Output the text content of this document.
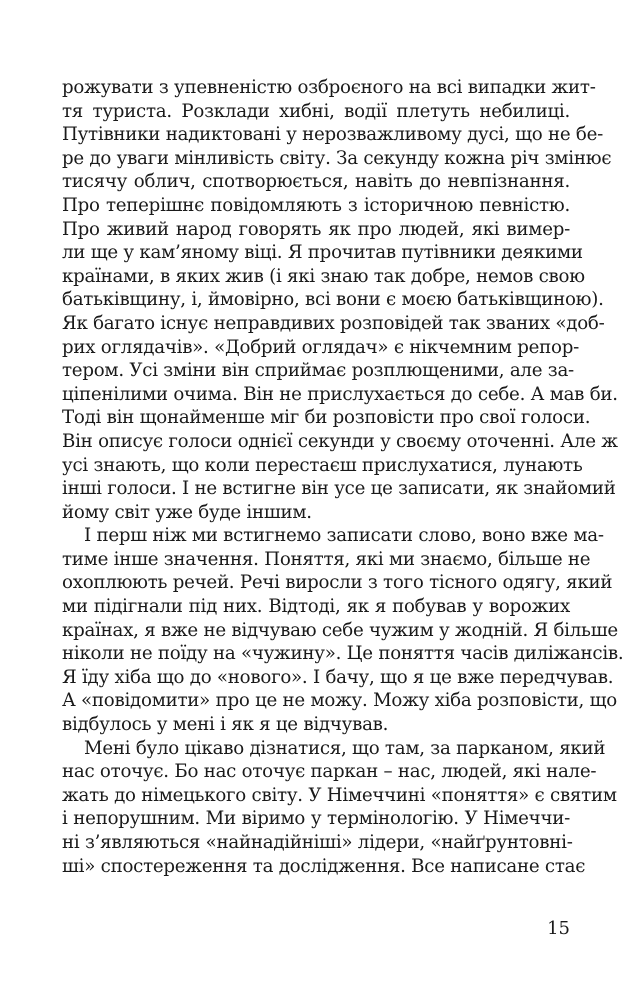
рожувати з упевненістю озброєного на всі випадки жит-
тя туриста. Розклади хибні, водії плетуть небилиці.
Путівники надиктовані у нерозважливому дусі, що не бе-
ре до уваги мінливість світу. За секунду кожна річ змінює
тисячу облич, спотворюється, навіть до невпізнання.
Про теперішнє повідомляють з історичною певністю.
Про живий народ говорять як про людей, які вимер-
ли ще у кам’яному віці. Я прочитав путівники деякими
країнами, в яких жив (і які знаю так добре, немов свою
батьківщину, і, ймовірно, всі вони є моєю батьківщиною).
Як багато існує неправдивих розповідей так званих «доб-
рих оглядачів». «Добрий оглядач» є нікчемним репор-
тером. Усі зміни він сприймає розплющеними, але за-
ціпенілими очима. Він не прислухається до себе. А мав би.
Тоді він щонайменше міг би розповісти про свої голоси.
Він описує голоси однієї секунди у своєму оточенні. Але ж
усі знають, що коли перестаєш прислухатися, лунають
інші голоси. І не встигне він усе це записати, як знайомий
йому світ уже буде іншим.
І перш ніж ми встигнемо записати слово, воно вже ма-
тиме інше значення. Поняття, які ми знаємо, більше не
охоплюють речей. Речі виросли з того тісного одягу, який
ми підігнали під них. Відтоді, як я побував у ворожих
країнах, я вже не відчуваю себе чужим у жодній. Я більше
ніколи не поїду на «чужину». Це поняття часів диліжансів.
Я їду хіба що до «нового». І бачу, що я це вже передчував.
А «повідомити» про це не можу. Можу хіба розповісти, що
відбулось у мені і як я це відчував.
Мені було цікаво дізнатися, що там, за парканом, який
нас оточує. Бо нас оточує паркан – нас, людей, які нале-
жать до німецького світу. У Німеччині «поняття» є святим
і непорушним. Ми віримо у термінологію. У Німеччи-
ні з’являються «найнадійніші» лідери, «найґрунтовні-
ші» спостереження та дослідження. Все написане стає
15
